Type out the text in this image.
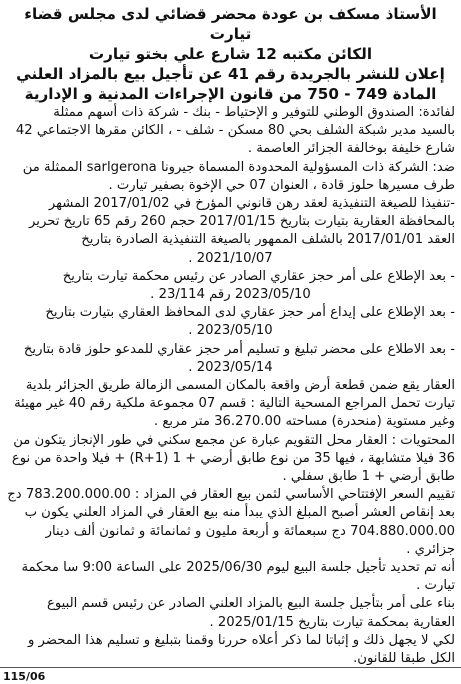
الأستاذ مسكف بن عودة محضر قضائي لدى مجلس قضاء تيارت
الكائن مكتبه 12 شارع علي بختو تيارت
إعلان للنشر بالجريدة رقم 41 عن تأجيل بيع بالمزاد العلني
المادة 749 - 750 من قانون الإجراءات المدنية و الإدارية
لفائدة: الصندوق الوطني للتوفير و الإحتياط - بنك - شركة ذات أسهم ممثلة
بالسيد مدير شبكة الشلف بحي 80 مسكن - شلف - ، الكائن مقرها الاجتماعي 42
شارع خليفة بوخالفة الجزائر العاصمة .
ضد: الشركة ذات المسؤولية المحدودة المسماة جيرونا sarlgerona الممثلة من
طرف مسيرها حلوز قادة ، العنوان 07 حي الإخوة بصفير تيارت .
-تنفيذا للصيغة التنفيذية لعقد رهن قانوني المؤرخ في 2017/01/02 المشهر
بالمحافظة العقارية بتيارت بتاريخ 2017/01/15 حجم 260 رقم 65 تاريخ تحرير
العقد 2017/01/01 بالشلف الممهور بالصيغة التنفيذية الصادرة بتاريخ
2021/10/07 .
- بعد الإطلاع على أمر حجز عقاري الصادر عن رئيس محكمة تيارت بتاريخ
2023/05/10 رقم 23/114 .
- بعد الإطلاع على إيداع أمر حجز عقاري لدى المحافظ العقاري بتيارت بتاريخ
2023/05/10 .
- بعد الاطلاع على محضر تبليغ و تسليم أمر حجز عقاري للمدعو حلوز قادة بتاريخ
2023/05/14 .
العقار يقع ضمن قطعة أرض واقعة بالمكان المسمى الزمالة طريق الجزائر بلدية
تيارت تحمل المراجع المسحية التالية : قسم 07 مجموعة ملكية رقم 40 غير مهيئة
وغير مستوية (منحدرة) مساحته 36.270.00 متر مربع .
المحتويات : العقار محل التقويم عبارة عن مجمع سكني في طور الإنجاز يتكون من
36 فيلا متشابهة ، فيها 35 من نوع طابق أرضي + 1 (R+1) + فيلا واحدة من نوع
طابق أرضي + 1 طابق سفلي .
تقييم السعر الإفتتاحي الأساسي لثمن بيع العقار في المزاد : 783.200.000.00 دج
بعد إنقاص العشر أصبح المبلغ الذي يبدأ منه بيع العقار في المزاد العلني يكون ب
704.880.000.00 دج سبعمائة و أربعة مليون و ثمانمائة و ثمانون ألف دينار
جزائري .
أنه تم تحديد تأجيل جلسة البيع ليوم 2025/06/30 على الساعة 9:00 سا محكمة
تيارت .
بناء على أمر بتأجيل جلسة البيع بالمزاد العلني الصادر عن رئيس قسم البيوع
العقارية بمحكمة تيارت بتاريخ 2025/01/15 .
لكي لا يجهل ذلك و إثباتا لما ذكر أعلاه حررنا وقمنا بتبليغ و تسليم هذا المحضر و
الكل طبقا للقانون.
115/06
